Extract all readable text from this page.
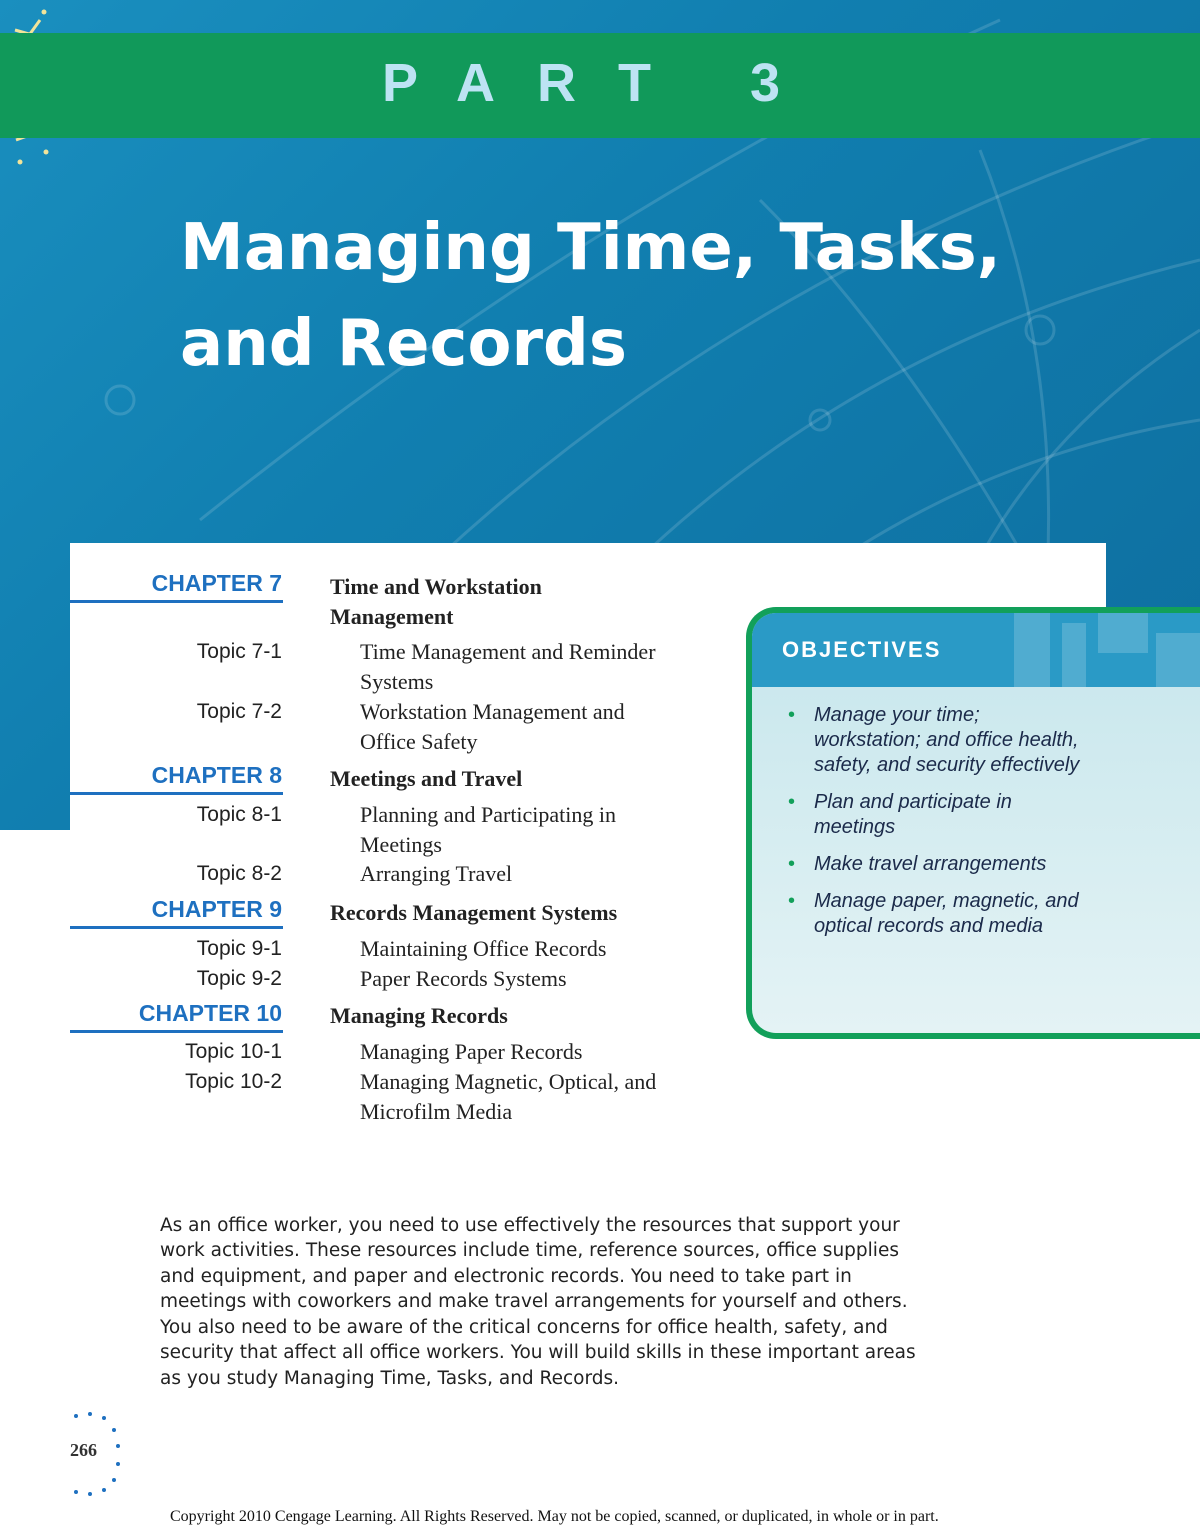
PART 3
Managing Time, Tasks,
and Records
CHAPTER 7 Time and Workstation Management
Topic 7-1	Time Management and Reminder Systems
Topic 7-2	Workstation Management and Office Safety
CHAPTER 8 Meetings and Travel
Topic 8-1	Planning and Participating in Meetings
Topic 8-2	Arranging Travel
CHAPTER 9 Records Management Systems
Topic 9-1	Maintaining Office Records
Topic 9-2	Paper Records Systems
CHAPTER 10 Managing Records
Topic 10-1	Managing Paper Records
Topic 10-2	Managing Magnetic, Optical, and Microfilm Media
OBJECTIVES
• Manage your time; workstation; and office health, safety, and security effectively
• Plan and participate in meetings
• Make travel arrangements
• Manage paper, magnetic, and optical records and media

As an office worker, you need to use effectively the resources that support your work activities. These resources include time, reference sources, office supplies and equipment, and paper and electronic records. You need to take part in meetings with coworkers and make travel arrangements for yourself and others. You also need to be aware of the critical concerns for office health, safety, and security that affect all office workers. You will build skills in these important areas as you study Managing Time, Tasks, and Records.

266
Copyright 2010 Cengage Learning. All Rights Reserved. May not be copied, scanned, or duplicated, in whole or in part.
